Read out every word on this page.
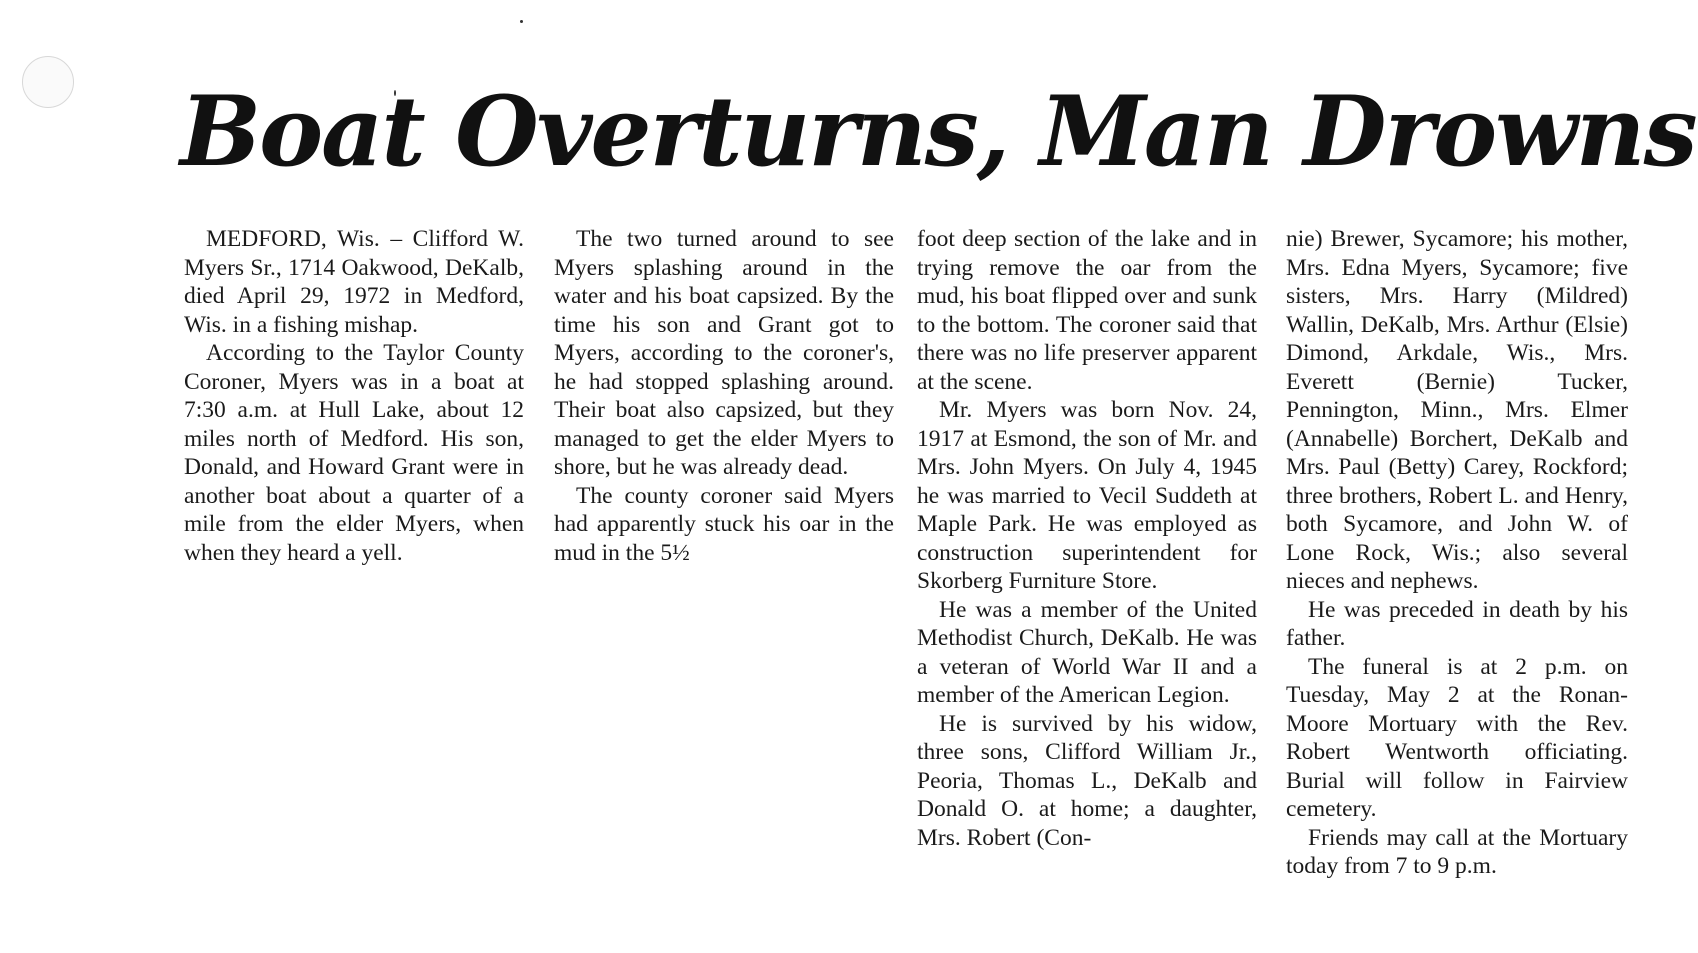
Boat Overturns, Man Drowns

MEDFORD, Wis. – Clifford W. Myers Sr., 1714 Oakwood, DeKalb, died April 29, 1972 in Medford, Wis. in a fishing mishap.

According to the Taylor County Coroner, Myers was in a boat at 7:30 a.m. at Hull Lake, about 12 miles north of Medford. His son, Donald, and Howard Grant were in another boat about a quarter of a mile from the elder Myers, when when they heard a yell.

The two turned around to see Myers splashing around in the water and his boat capsized. By the time his son and Grant got to Myers, according to the coroner's, he had stopped splashing around. Their boat also capsized, but they managed to get the elder Myers to shore, but he was already dead.

The county coroner said Myers had apparently stuck his oar in the mud in the 5½

foot deep section of the lake and in trying remove the oar from the mud, his boat flipped over and sunk to the bottom. The coroner said that there was no life preserver apparent at the scene.

Mr. Myers was born Nov. 24, 1917 at Esmond, the son of Mr. and Mrs. John Myers. On July 4, 1945 he was married to Vecil Suddeth at Maple Park. He was employed as construction superintendent for Skorberg Furniture Store.

He was a member of the United Methodist Church, DeKalb. He was a veteran of World War II and a member of the American Legion.

He is survived by his widow, three sons, Clifford William Jr., Peoria, Thomas L., DeKalb and Donald O. at home; a daughter, Mrs. Robert (Con-

nie) Brewer, Sycamore; his mother, Mrs. Edna Myers, Sycamore; five sisters, Mrs. Harry (Mildred) Wallin, DeKalb, Mrs. Arthur (Elsie) Dimond, Arkdale, Wis., Mrs. Everett (Bernie) Tucker, Pennington, Minn., Mrs. Elmer (Annabelle) Borchert, DeKalb and Mrs. Paul (Betty) Carey, Rockford; three brothers, Robert L. and Henry, both Sycamore, and John W. of Lone Rock, Wis.; also several nieces and nephews.

He was preceded in death by his father.

The funeral is at 2 p.m. on Tuesday, May 2 at the Ronan-Moore Mortuary with the Rev. Robert Wentworth officiating. Burial will follow in Fairview cemetery.

Friends may call at the Mortuary today from 7 to 9 p.m.
